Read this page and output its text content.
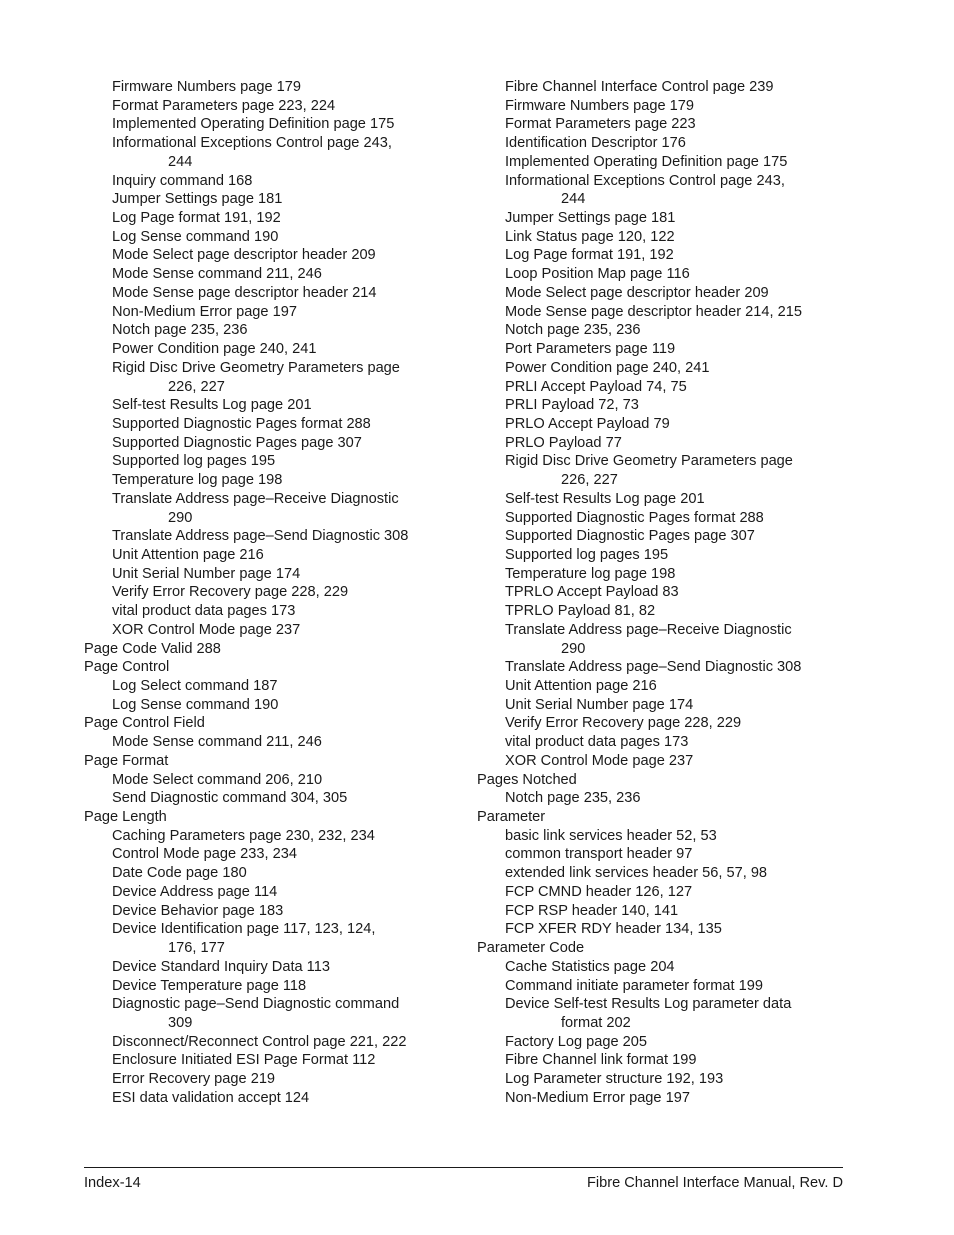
Firmware Numbers page 179
Format Parameters page 223, 224
Implemented Operating Definition page 175
Informational Exceptions Control page 243,
244
Inquiry command 168
Jumper Settings page 181
Log Page format 191, 192
Log Sense command 190
Mode Select page descriptor header 209
Mode Sense command 211, 246
Mode Sense page descriptor header 214
Non-Medium Error page 197
Notch page 235, 236
Power Condition page 240, 241
Rigid Disc Drive Geometry Parameters page
226, 227
Self-test Results Log page 201
Supported Diagnostic Pages format 288
Supported Diagnostic Pages page 307
Supported log pages 195
Temperature log page 198
Translate Address page–Receive Diagnostic
290
Translate Address page–Send Diagnostic 308
Unit Attention page 216
Unit Serial Number page 174
Verify Error Recovery page 228, 229
vital product data pages 173
XOR Control Mode page 237
Page Code Valid 288
Page Control
Log Select command 187
Log Sense command 190
Page Control Field
Mode Sense command 211, 246
Page Format
Mode Select command 206, 210
Send Diagnostic command 304, 305
Page Length
Caching Parameters page 230, 232, 234
Control Mode page 233, 234
Date Code page 180
Device Address page 114
Device Behavior page 183
Device Identification page 117, 123, 124,
176, 177
Device Standard Inquiry Data 113
Device Temperature page 118
Diagnostic page–Send Diagnostic command
309
Disconnect/Reconnect Control page 221, 222
Enclosure Initiated ESI Page Format 112
Error Recovery page 219
ESI data validation accept 124
Fibre Channel Interface Control page 239
Firmware Numbers page 179
Format Parameters page 223
Identification Descriptor 176
Implemented Operating Definition page 175
Informational Exceptions Control page 243,
244
Jumper Settings page 181
Link Status page 120, 122
Log Page format 191, 192
Loop Position Map page 116
Mode Select page descriptor header 209
Mode Sense page descriptor header 214, 215
Notch page 235, 236
Port Parameters page 119
Power Condition page 240, 241
PRLI Accept Payload 74, 75
PRLI Payload 72, 73
PRLO Accept Payload 79
PRLO Payload 77
Rigid Disc Drive Geometry Parameters page
226, 227
Self-test Results Log page 201
Supported Diagnostic Pages format 288
Supported Diagnostic Pages page 307
Supported log pages 195
Temperature log page 198
TPRLO Accept Payload 83
TPRLO Payload 81, 82
Translate Address page–Receive Diagnostic
290
Translate Address page–Send Diagnostic 308
Unit Attention page 216
Unit Serial Number page 174
Verify Error Recovery page 228, 229
vital product data pages 173
XOR Control Mode page 237
Pages Notched
Notch page 235, 236
Parameter
basic link services header 52, 53
common transport header 97
extended link services header 56, 57, 98
FCP CMND header 126, 127
FCP RSP header 140, 141
FCP XFER RDY header 134, 135
Parameter Code
Cache Statistics page 204
Command initiate parameter format 199
Device Self-test Results Log parameter data
format 202
Factory Log page 205
Fibre Channel link format 199
Log Parameter structure 192, 193
Non-Medium Error page 197
Index-14	Fibre Channel Interface Manual, Rev. D
